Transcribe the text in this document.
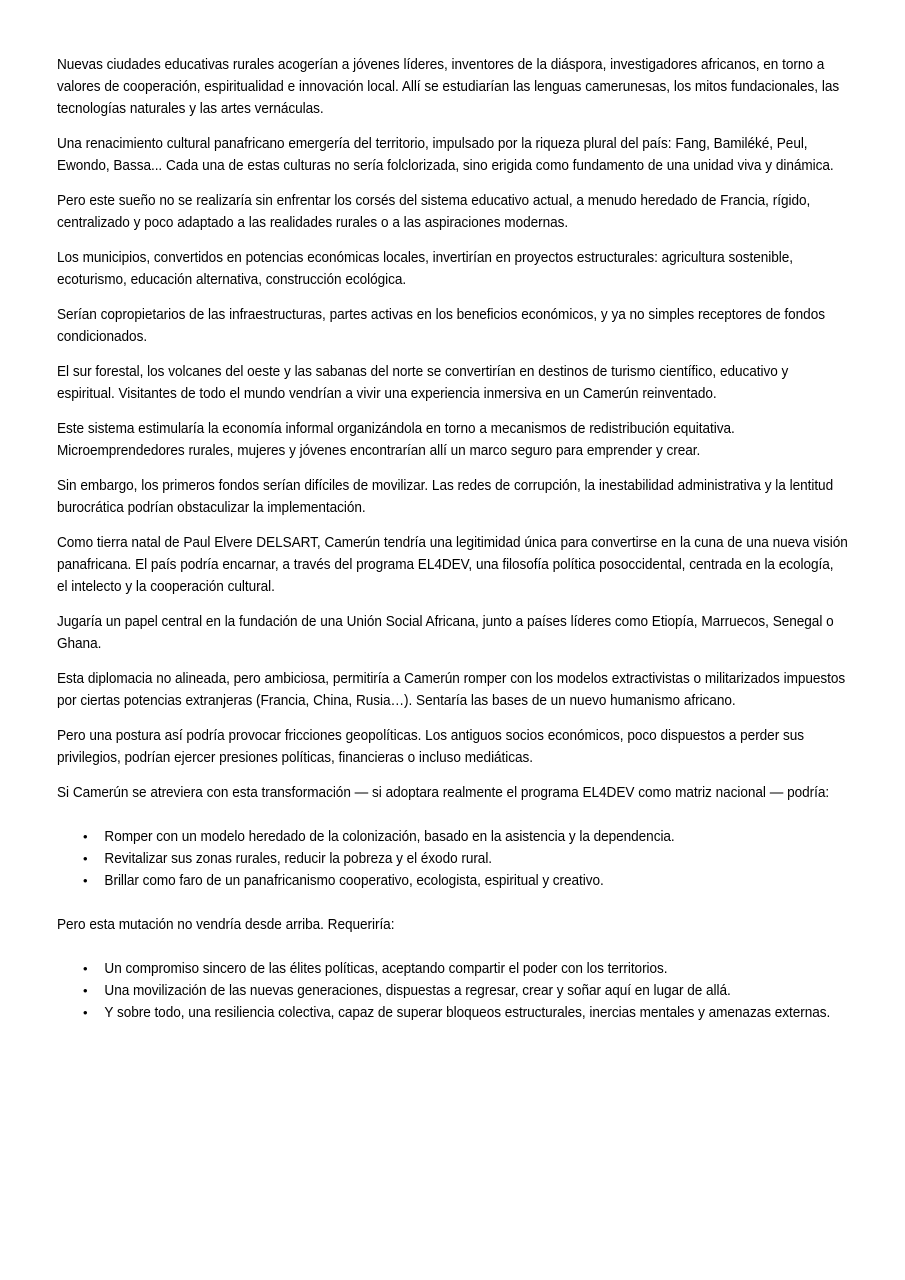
Nuevas ciudades educativas rurales acogerían a jóvenes líderes, inventores de la diáspora, investigadores africanos, en torno a valores de cooperación, espiritualidad e innovación local. Allí se estudiarían las lenguas camerunesas, los mitos fundacionales, las tecnologías naturales y las artes vernáculas.

Una renacimiento cultural panafricano emergería del territorio, impulsado por la riqueza plural del país: Fang, Bamiléké, Peul, Ewondo, Bassa... Cada una de estas culturas no sería folclorizada, sino erigida como fundamento de una unidad viva y dinámica.

Pero este sueño no se realizaría sin enfrentar los corsés del sistema educativo actual, a menudo heredado de Francia, rígido, centralizado y poco adaptado a las realidades rurales o a las aspiraciones modernas.

Los municipios, convertidos en potencias económicas locales, invertirían en proyectos estructurales: agricultura sostenible, ecoturismo, educación alternativa, construcción ecológica.

Serían copropietarios de las infraestructuras, partes activas en los beneficios económicos, y ya no simples receptores de fondos condicionados.

El sur forestal, los volcanes del oeste y las sabanas del norte se convertirían en destinos de turismo científico, educativo y espiritual. Visitantes de todo el mundo vendrían a vivir una experiencia inmersiva en un Camerún reinventado.

Este sistema estimularía la economía informal organizándola en torno a mecanismos de redistribución equitativa. Microemprendedores rurales, mujeres y jóvenes encontrarían allí un marco seguro para emprender y crear.

Sin embargo, los primeros fondos serían difíciles de movilizar. Las redes de corrupción, la inestabilidad administrativa y la lentitud burocrática podrían obstaculizar la implementación.

Como tierra natal de Paul Elvere DELSART, Camerún tendría una legitimidad única para convertirse en la cuna de una nueva visión panafricana. El país podría encarnar, a través del programa EL4DEV, una filosofía política posoccidental, centrada en la ecología, el intelecto y la cooperación cultural.

Jugaría un papel central en la fundación de una Unión Social Africana, junto a países líderes como Etiopía, Marruecos, Senegal o Ghana.

Esta diplomacia no alineada, pero ambiciosa, permitiría a Camerún romper con los modelos extractivistas o militarizados impuestos por ciertas potencias extranjeras (Francia, China, Rusia…). Sentaría las bases de un nuevo humanismo africano.

Pero una postura así podría provocar fricciones geopolíticas. Los antiguos socios económicos, poco dispuestos a perder sus privilegios, podrían ejercer presiones políticas, financieras o incluso mediáticas.

Si Camerún se atreviera con esta transformación — si adoptara realmente el programa EL4DEV como matriz nacional — podría:

• Romper con un modelo heredado de la colonización, basado en la asistencia y la dependencia.
• Revitalizar sus zonas rurales, reducir la pobreza y el éxodo rural.
• Brillar como faro de un panafricanismo cooperativo, ecologista, espiritual y creativo.

Pero esta mutación no vendría desde arriba. Requeriría:

• Un compromiso sincero de las élites políticas, aceptando compartir el poder con los territorios.
• Una movilización de las nuevas generaciones, dispuestas a regresar, crear y soñar aquí en lugar de allá.
• Y sobre todo, una resiliencia colectiva, capaz de superar bloqueos estructurales, inercias mentales y amenazas externas.
